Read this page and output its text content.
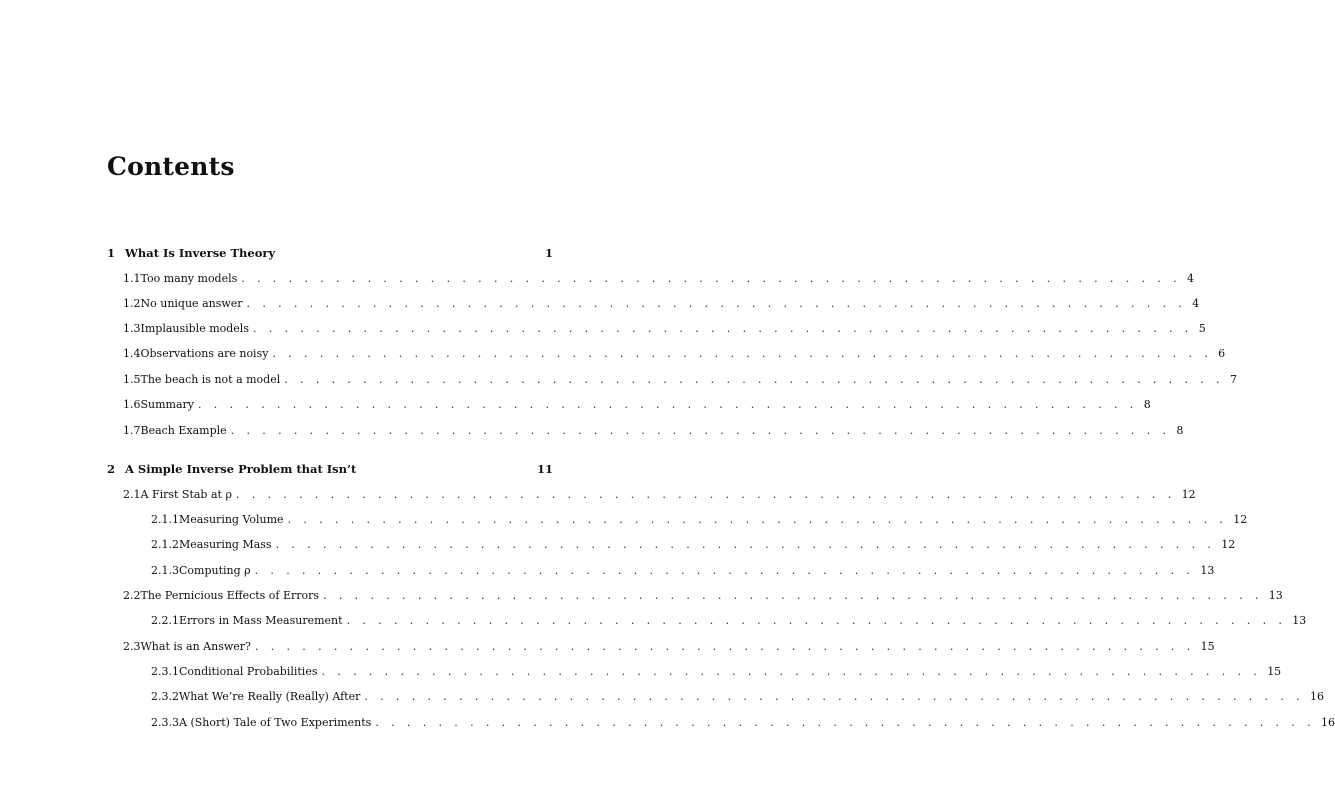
Contents
1 What Is Inverse Theory	1
1.1 Too many models . . . . . . . . . . . . . . . . . . . . . . . . . . . . . . . . . . . . . . . . . . . . . . . . . . . . . . . . . . . . 4
1.2 No unique answer . . . . . . . . . . . . . . . . . . . . . . . . . . . . . . . . . . . . . . . . . . . . . . . . . . . . . . . . . . . . 4
1.3 Implausible models . . . . . . . . . . . . . . . . . . . . . . . . . . . . . . . . . . . . . . . . . . . . . . . . . . . . . . . . . . . . 5
1.4 Observations are noisy . . . . . . . . . . . . . . . . . . . . . . . . . . . . . . . . . . . . . . . . . . . . . . . . . . . . . . . . . . . . 6
1.5 The beach is not a model . . . . . . . . . . . . . . . . . . . . . . . . . . . . . . . . . . . . . . . . . . . . . . . . . . . . . . . . . . . . 7
1.6 Summary . . . . . . . . . . . . . . . . . . . . . . . . . . . . . . . . . . . . . . . . . . . . . . . . . . . . . . . . . . . . 8
1.7 Beach Example . . . . . . . . . . . . . . . . . . . . . . . . . . . . . . . . . . . . . . . . . . . . . . . . . . . . . . . . . . . . 8
2 A Simple Inverse Problem that Isn’t	11
2.1 A First Stab at ρ . . . . . . . . . . . . . . . . . . . . . . . . . . . . . . . . . . . . . . . . . . . . . . . . . . . . . . . . . . . . 12
2.1.1 Measuring Volume . . . . . . . . . . . . . . . . . . . . . . . . . . . . . . . . . . . . . . . . . . . . . . . . . . . . . . . . . . . . 12
2.1.2 Measuring Mass . . . . . . . . . . . . . . . . . . . . . . . . . . . . . . . . . . . . . . . . . . . . . . . . . . . . . . . . . . . . 12
2.1.3 Computing ρ . . . . . . . . . . . . . . . . . . . . . . . . . . . . . . . . . . . . . . . . . . . . . . . . . . . . . . . . . . . . 13
2.2 The Pernicious Effects of Errors . . . . . . . . . . . . . . . . . . . . . . . . . . . . . . . . . . . . . . . . . . . . . . . . . . . . . . . . . . . . 13
2.2.1 Errors in Mass Measurement . . . . . . . . . . . . . . . . . . . . . . . . . . . . . . . . . . . . . . . . . . . . . . . . . . . . . . . . . . . . 13
2.3 What is an Answer? . . . . . . . . . . . . . . . . . . . . . . . . . . . . . . . . . . . . . . . . . . . . . . . . . . . . . . . . . . . . 15
2.3.1 Conditional Probabilities . . . . . . . . . . . . . . . . . . . . . . . . . . . . . . . . . . . . . . . . . . . . . . . . . . . . . . . . . . . . 15
2.3.2 What We’re Really (Really) After . . . . . . . . . . . . . . . . . . . . . . . . . . . . . . . . . . . . . . . . . . . . . . . . . . . . . . . . . . . . 16
2.3.3 A (Short) Tale of Two Experiments . . . . . . . . . . . . . . . . . . . . . . . . . . . . . . . . . . . . . . . . . . . . . . . . . . . . . . . . . . . . 16
